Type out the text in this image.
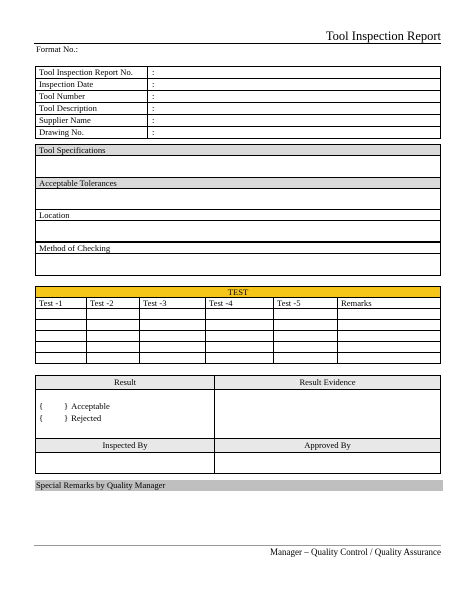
Tool Inspection Report
Format No.:
Tool Inspection Report No.	:
Inspection Date	:
Tool Number	:
Tool Description	:
Supplier Name	:
Drawing No.	:
Tool Specifications
Acceptable Tolerances
Location
Method of Checking
TEST					
Test -1	Test -2	Test -3	Test -4	Test -5	Remarks

Result	Result Evidence

{ } Acceptable
{ } Rejected	

Inspected By	Approved By

Special Remarks by Quality Manager
Manager – Quality Control / Quality Assurance
